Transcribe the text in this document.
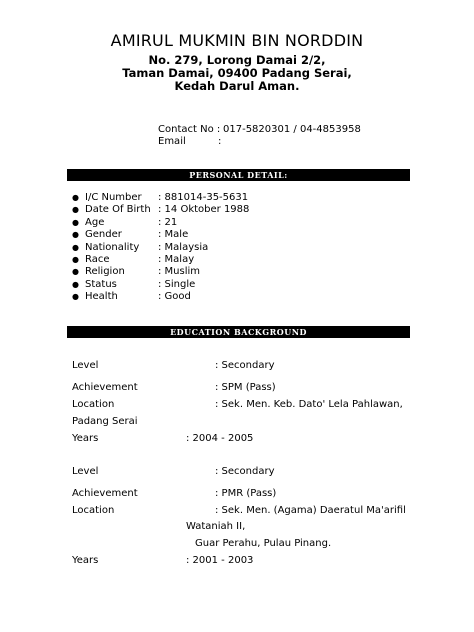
AMIRUL MUKMIN BIN NORDDIN
No. 279, Lorong Damai 2/2,
Taman Damai, 09400 Padang Serai,
Kedah Darul Aman.
Contact No : 017-5820301 / 04-4853958
Email	:
PERSONAL DETAIL:
● I/C Number : 881014-35-5631
● Date Of Birth : 14 Oktober 1988
● Age	: 21
● Gender	: Male
● Nationality : Malaysia
● Race	: Malay
● Religion	: Muslim
● Status	: Single
● Health	: Good
EDUCATION BACKGROUND
Level	: Secondary
Achievement	: SPM (Pass)
Location	: Sek. Men. Keb. Dato' Lela Pahlawan,
Padang Serai
Years	: 2004 - 2005
Level	: Secondary
Achievement	: PMR (Pass)
Location	: Sek. Men. (Agama) Daeratul Ma'arifil
Wataniah II,
Guar Perahu, Pulau Pinang.
Years	: 2001 - 2003
